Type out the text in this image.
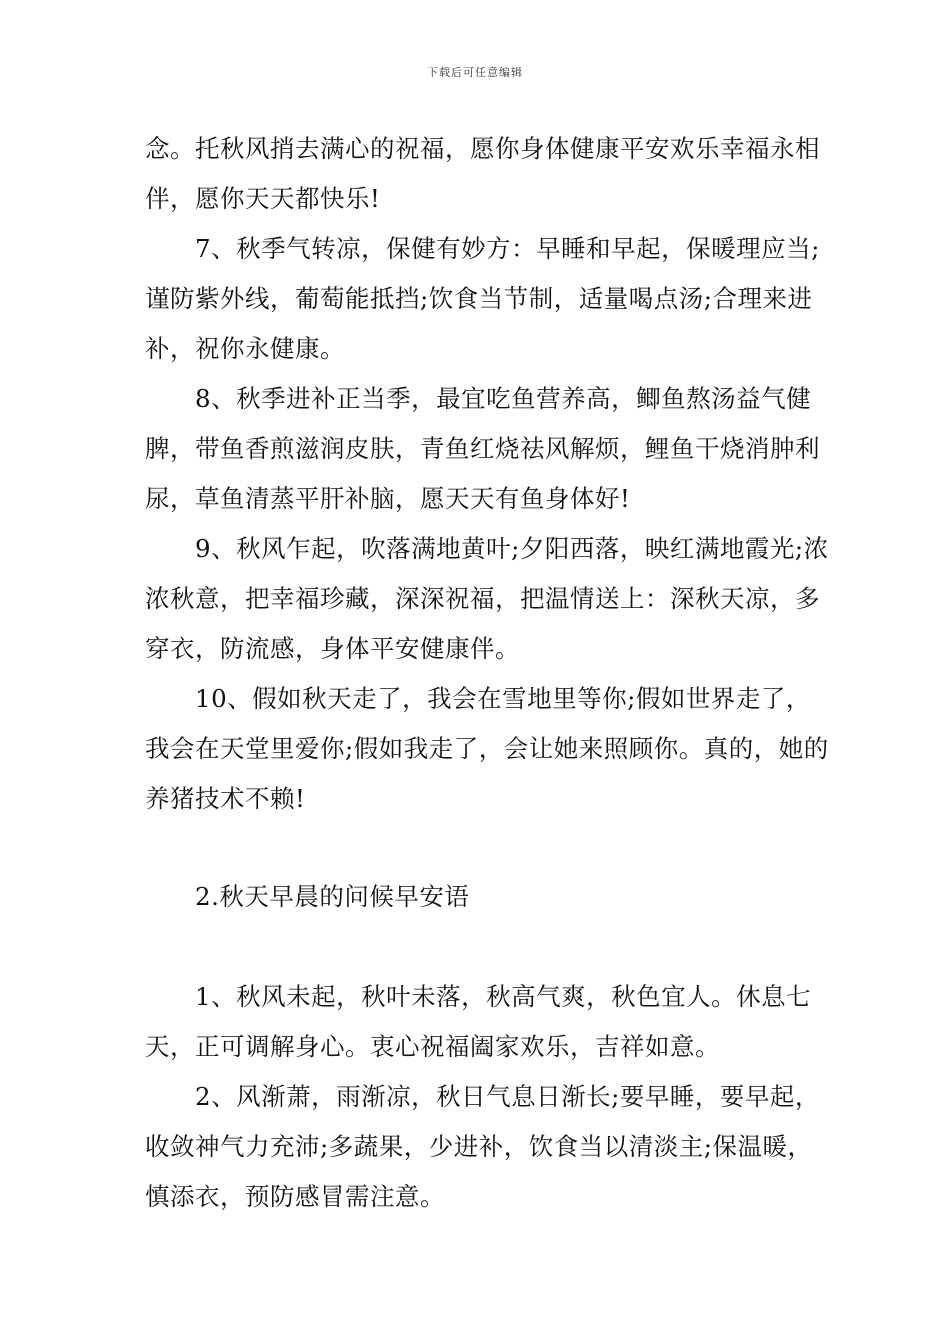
下载后可任意编辑

念。托秋风捎去满心的祝福，愿你身体健康平安欢乐幸福永相伴，愿你天天都快乐!

7、秋季气转凉，保健有妙方：早睡和早起，保暖理应当;谨防紫外线，葡萄能抵挡;饮食当节制，适量喝点汤;合理来进补，祝你永健康。

8、秋季进补正当季，最宜吃鱼营养高，鲫鱼熬汤益气健脾，带鱼香煎滋润皮肤，青鱼红烧祛风解烦，鲤鱼干烧消肿利尿，草鱼清蒸平肝补脑，愿天天有鱼身体好!

9、秋风乍起，吹落满地黄叶;夕阳西落，映红满地霞光;浓浓秋意，把幸福珍藏，深深祝福，把温情送上：深秋天凉，多穿衣，防流感，身体平安健康伴。

10、假如秋天走了，我会在雪地里等你;假如世界走了，我会在天堂里爱你;假如我走了，会让她来照顾你。真的，她的养猪技术不赖!

2.秋天早晨的问候早安语

1、秋风未起，秋叶未落，秋高气爽，秋色宜人。休息七天，正可调解身心。衷心祝福阖家欢乐，吉祥如意。

2、风渐萧，雨渐凉，秋日气息日渐长;要早睡，要早起，收敛神气力充沛;多蔬果，少进补，饮食当以清淡主;保温暖，慎添衣，预防感冒需注意。
